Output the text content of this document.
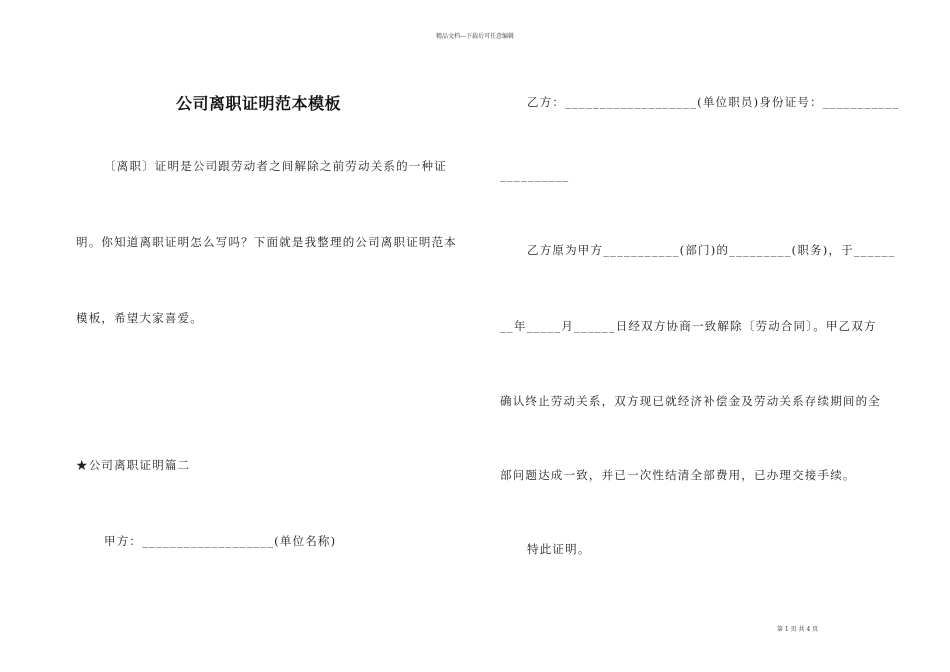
精品文档---下载后可任意编辑
公司离职证明范本模板
〔离职〕证明是公司跟劳动者之间解除之前劳动关系的一种证
明。你知道离职证明怎么写吗？下面就是我整理的公司离职证明范本
模板，希望大家喜爱。
★公司离职证明篇二
甲方：___________________(单位名称)
乙方：___________________(单位职员)身份证号：___________
__________
乙方原为甲方___________(部门)的_________(职务)，于______
__年_____月______日经双方协商一致解除〔劳动合同〕。甲乙双方
确认终止劳动关系，双方现已就经济补偿金及劳动关系存续期间的全
部问题达成一致，并已一次性结清全部费用，已办理交接手续。
特此证明。
第 1 页 共 4 页
